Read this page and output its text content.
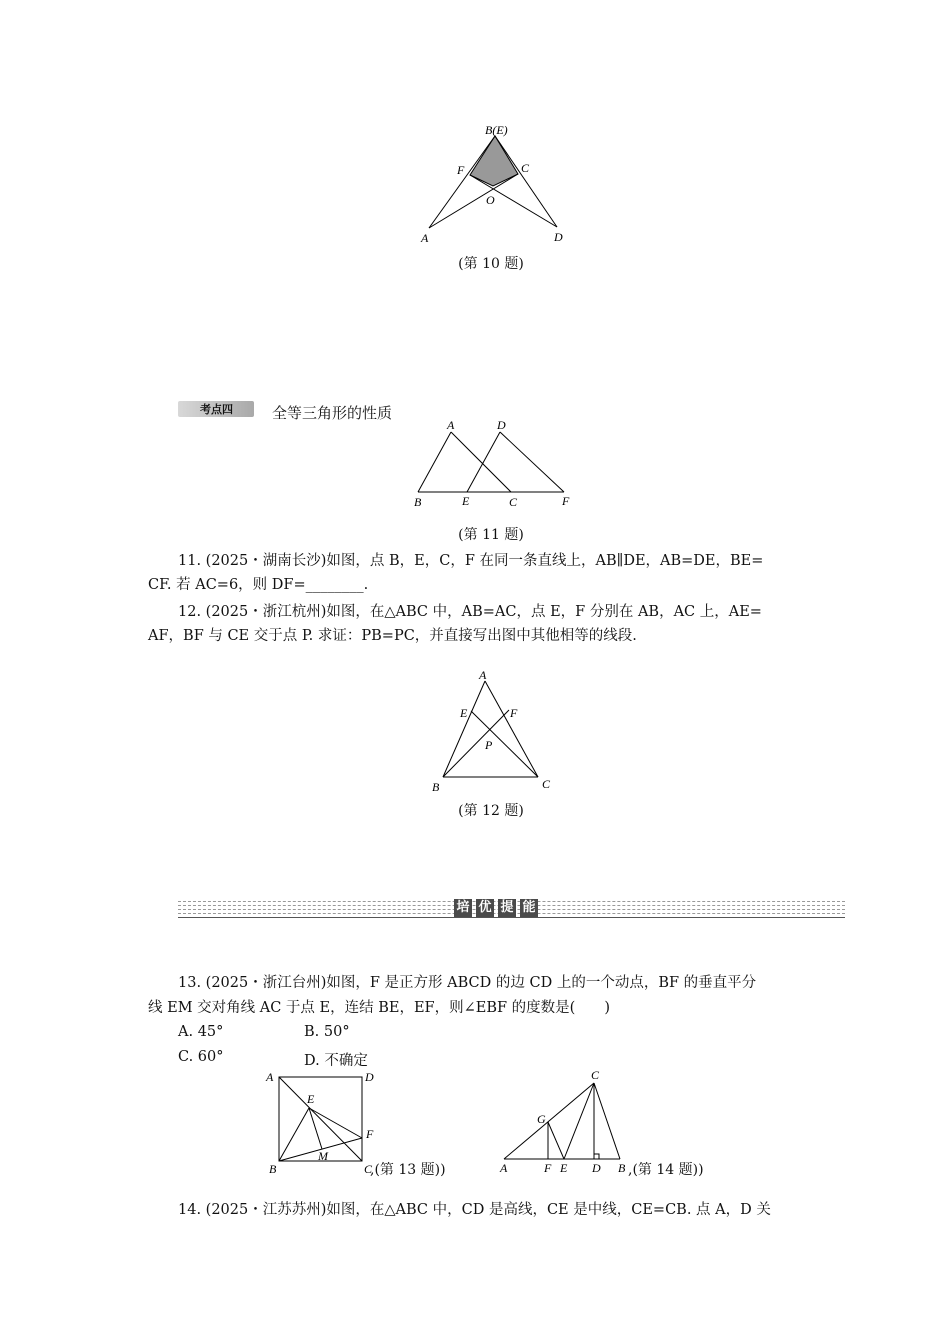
B(E)
F	C
O
A	D
(第 10 题)
考点四	全等三角形的性质
A	D
B	E	C	F
(第 11 题)
11. (2025・湖南长沙)如图，点 B，E，C，F 在同一条直线上，AB∥DE，AB=DE，BE=
CF. 若 AC=6，则 DF=________.
12. (2025・浙江杭州)如图，在△ABC 中，AB=AC，点 E，F 分别在 AB，AC 上，AE=
AF，BF 与 CE 交于点 P. 求证：PB=PC，并直接写出图中其他相等的线段.
A
E	F
P
B	C
(第 12 题)
培 优 提 能
13. (2025・浙江台州)如图，F 是正方形 ABCD 的边 CD 上的一个动点，BF 的垂直平分
线 EM 交对角线 AC 于点 E，连结 BE，EF，则∠EBF 的度数是(　　)
A. 45°	B. 50°
C. 60°	D. 不确定
A	D
E
F
B
M
C
,(第 13 题))
C
G
A	F E D B ,(第 14 题))
14. (2025・江苏苏州)如图，在△ABC 中，CD 是高线，CE 是中线，CE=CB. 点 A，D 关
